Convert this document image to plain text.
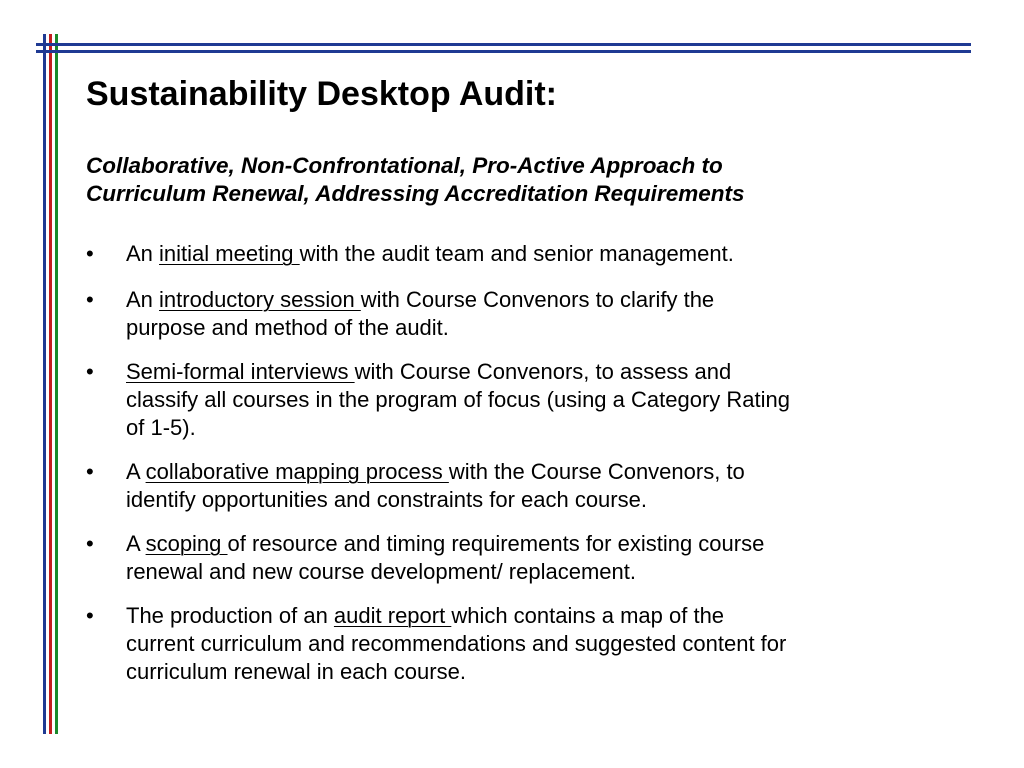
Sustainability Desktop Audit:
Collaborative, Non-Confrontational, Pro-Active Approach to
Curriculum Renewal, Addressing Accreditation Requirements
• An initial meeting with the audit team and senior management.
• An introductory session with Course Convenors to clarify the
purpose and method of the audit.
• Semi-formal interviews with Course Convenors, to assess and
classify all courses in the program of focus (using a Category Rating
of 1-5).
• A collaborative mapping process with the Course Convenors, to
identify opportunities and constraints for each course.
• A scoping of resource and timing requirements for existing course
renewal and new course development/ replacement.
• The production of an audit report which contains a map of the
current curriculum and recommendations and suggested content for
curriculum renewal in each course.
